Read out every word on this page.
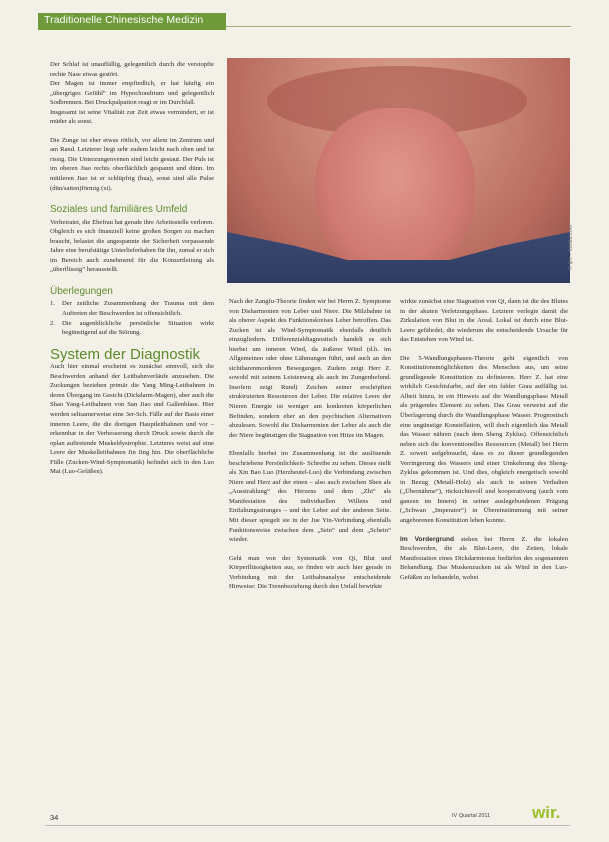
Traditionelle Chinesische Medizin
© ljm – fotolia.com

Der Schlaf ist unauffällig, gelegentlich durch die verstopfte rechte Nase etwas gestört.

Der Magen ist immer empfindlich, er hat häufig ein „übergriges Gefühl“ im Hypochondrium und gelegentlich Sodbrennen. Bei Druckpalpation reagt er im Durchfall.

Insgesamt ist seine Vitalität zur Zeit etwas vermindert, er ist müder als sonst.

Die Zunge ist eher etwas rötlich, vor allem im Zentrum und am Rand. Letzterer liegt sehr zudem leicht nach oben und ist rissig. Die Unterzungenvenen sind leicht gestaut. Der Puls ist im oberen Jiao rechts oberflächlich gespannt und dünn. Im mittleren Jiao ist er schlüpfrig (hua), sonst sind alle Pulse (dün/saiten)förmig (xi).

Soziales und familiäres Umfeld

Verheiratet, die Ehefrau hat gerade ihre Arbeitsstelle verloren. Obgleich es sich finanziell keine großen Sorgen zu machen braucht, belastet die angespannte der Sicherheit verpassende Jahre eine berufstätige Unterlieferhaben für ihn, zumal er sich im Bereich auch zunehmend für die Konzertleitung als „überflüssig“ herausstellt.

Überlegungen
1. Der zeitliche Zusammenhang der Trauma mit dem Auftreten der Beschwerden ist offensichtlich.
2. Die augenblickliche persönliche Situation wirkt begünstigend auf die Störung.
System der Diagnostik

Auch hier einmal erscheint es zunächst sinnvoll, sich die Beschwerden anhand der Leitbahnverläufe anzusehen. Die Zuckungen beziehen primär die Yang Ming-Leitbahnen in deren Übergang im Gesicht (Dickdarm-Magen), aber auch die Shao Yang-Leitbahnen von San Jiao und Gallenblase. Hier werden seltsamerweise eine 3er-Sch. Fälle auf der Basis einer inneren Leere, die die dortigen Hauptleitbahnen und vor – erkennbar in der Verbesserung durch Druck sowie durch die oplan auftretende Muskeldystrophie. Letzteres weist auf eine Leere der Muskelleitbahnen Jin Jing hin. Die oberflächliche Fülle (Zucken-Wind-Symptomatik) befindet sich in den Luo Mai (Luo-Gefäßen).

Nach der Zangfu-Theorie finden wir bei Herrn Z. Symptome von Disharmonien von Leber und Niere. Die Milzbahne ist als oberer Aspekt des Funktionskreises Leber betroffen. Das Zucken ist als Wind-Symptomatik ebenfalls deutlich einzugliedern. Differenzialdiagnostisch handelt es sich hierbei um inneren Wind, da äußerer Wind (d.h. im Allgemeinen oder ohne Lähmungen führt, und auch an den sichtbarenmorderen Bewegungen. Zudem zeigt Herr Z. sowohl mit seinem Leistenweg als auch im Zungenbefund. Insofern zeigt Rund) Zeichen seiner erschöpften struktruierten Ressourcen der Leber. Die relative Leere der Nieren Energie ist weniger am konkreten körperlichen Befinden, sondern eher an den psychischen Alternativen abzulesen. Sowohl die Disharmonien der Leber als auch die der Niere begünstigen die Stagnation von Hitze im Magen.

Ebenfalls hierbei im Zusammenhang ist die auslösende beschriebene Persönlichkeit- Schreibe zu sehen. Dieses stellt als Xin Bao Luo (Herzbeutel-Luo) die Verbindung zwischen Niere und Herz auf der einen – also auch zwischen Shen als „Ausstrahlung“ des Herzens und dem „Zhi“ als Manifestation des individuellen Willens und Entfaltungsstranges – und der Leber auf der anderen Seite. Mit dieser spiegelt sie in der Jue Yin-Verbindung ebenfalls Funktionsweise zwischen dem „Sein“ und dem „Schein“ wieder.

Geht man von der Systematik von Qi, Blut und Körperflüssigkeiten aus, so finden wir auch hier gerade in Verbindung mit der Leitbahnanalyse entscheidende Hinweise: Die Trennbeziehung durch den Unfall bewirkte

wirkte zunächst eine Stagnation von Qi, dann ist die des Blutes in der akuten Verletzungsphase. Letztere verlegte damit die Zirkulation von Blut in die Areal. Lokal ist durch eine Blut-Leere gefährdet, die wiederum die entscheidende Ursache für das Entstehen von Wind ist.

Die 5-Wandlungsphasen-Theorie geht eigentlich von Konstitutionsmöglichkeiten des Menschen aus, um seine grundlegende Konstitution zu definieren. Herr Z. hat eine wirklich Gesichtsfarbe, auf der ein fahler Grau auffällig ist. Albeit hinzu, in ein Hinweis auf die Wandlungsphase Metall als prägendes Element zu sehen. Das Grau verweist auf die Überlagerung durch die Wandlungsphase Wasser. Prognostisch eine ungünstige Konstellation, will doch eigentlich das Metall das Wasser nähren (nach dem Sheng Zyklus). Offensichtlich neben sich die konventionelles Ressourcen (Metall) bei Herrn Z. soweit aufgebraucht, dass es zu dieser grundlegenden Verringerung des Wassers und einer Umkehrung des Sheng-Zyklus gekommen ist. Und dies, obgleich energetisch sowohl in Bezug (Metall-Holz) als auch in seinen Verhalten („Übernähme“), rücksichtsvoll und kooperativung (auch vom ganzen im Innern) in seiner auslegebundenen Prägung („Schwan „Imperator“) in Übereinstimmung mit seiner angeborenen Konstitution leben konnte.

Im Vordergrund stehen bei Herrn Z. die lokalen Beschwerden, die als Blut-Leere, die Zeiten, lokale Manifestation eines Dickdarmtonus bedürfen des sogenannten Behandlung. Das Muskenzucken ist als Wind in den Luo-Gefäßen zu behandeln, wobei

34	IV Quartal 2011 wir.
